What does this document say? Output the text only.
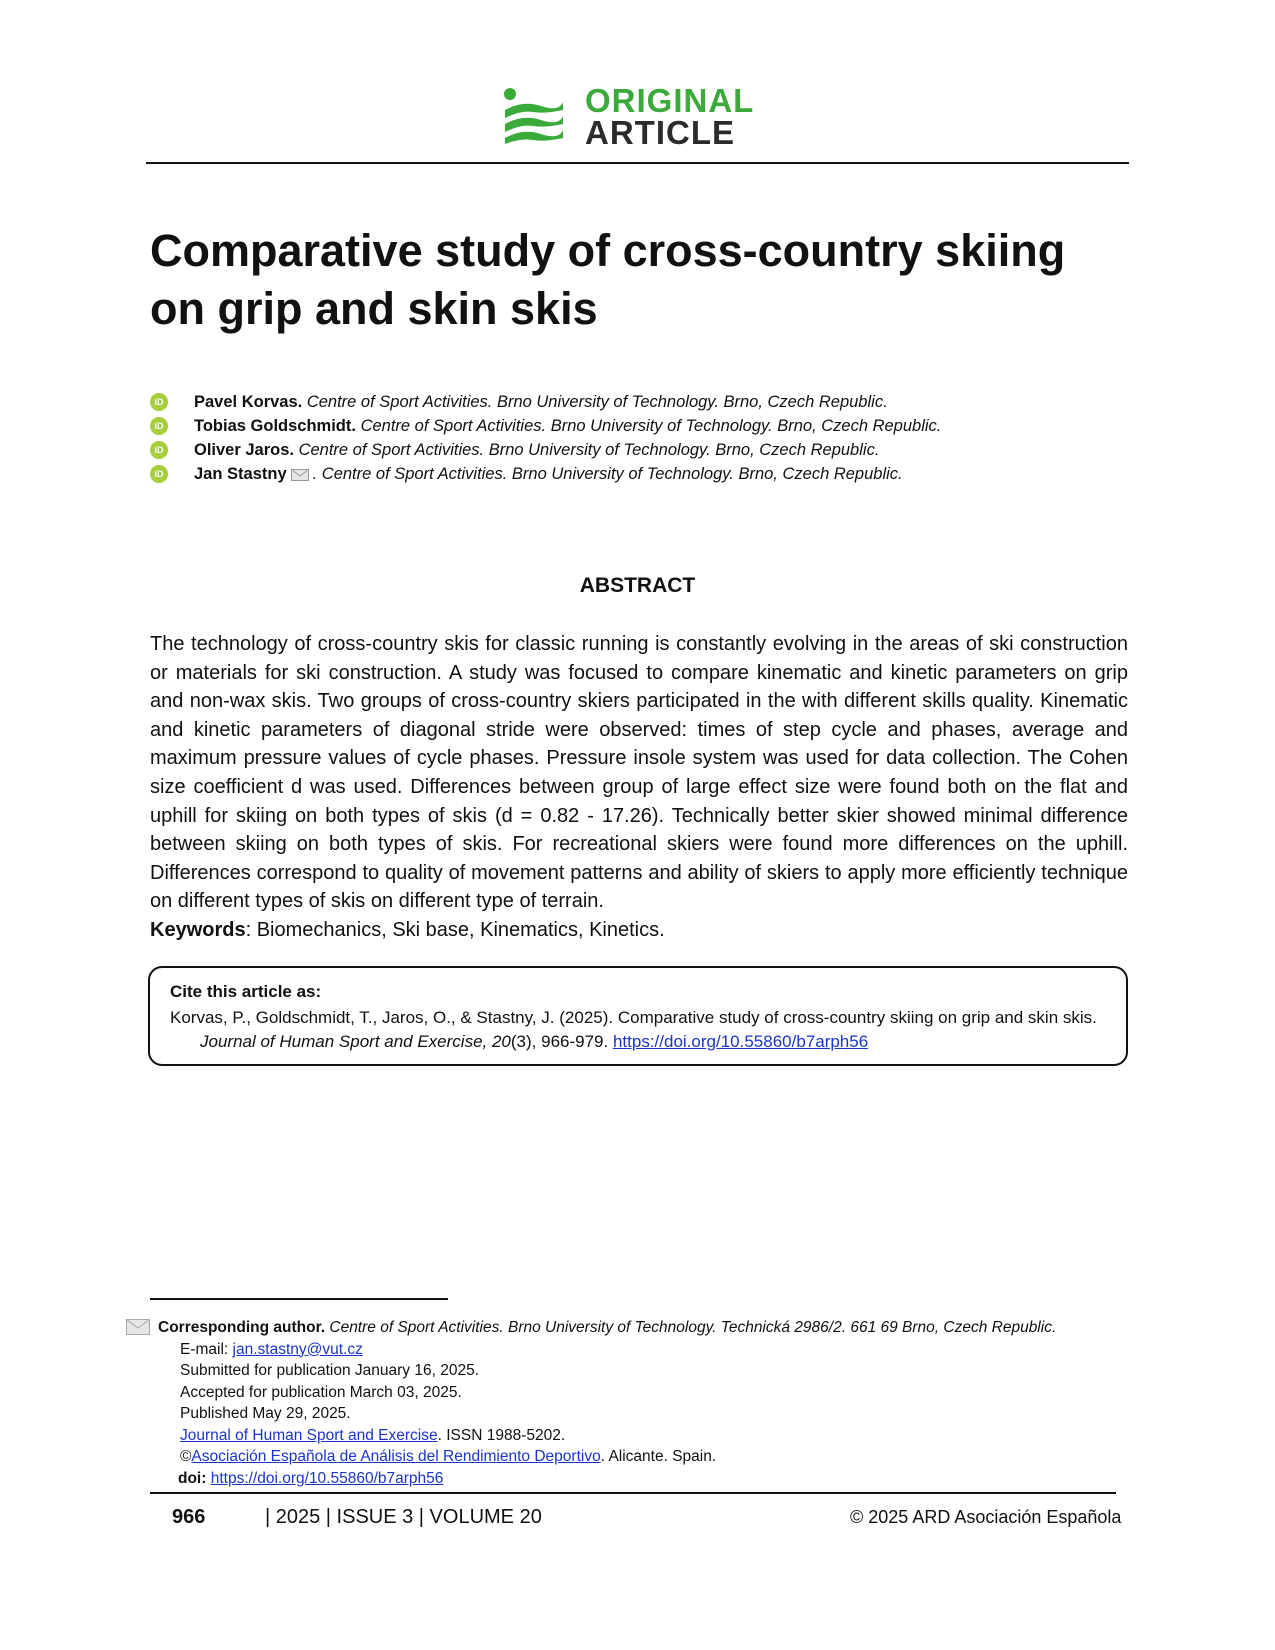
ORIGINAL
ARTICLE
Comparative study of cross-country skiing on grip and skin skis
iD Pavel Korvas. Centre of Sport Activities. Brno University of Technology. Brno, Czech Republic.
iD Tobias Goldschmidt. Centre of Sport Activities. Brno University of Technology. Brno, Czech Republic.
iD Oliver Jaros. Centre of Sport Activities. Brno University of Technology. Brno, Czech Republic.
iD Jan Stastny . Centre of Sport Activities. Brno University of Technology. Brno, Czech Republic.
ABSTRACT
The technology of cross-country skis for classic running is constantly evolving in the areas of ski construction or materials for ski construction. A study was focused to compare kinematic and kinetic parameters on grip and non-wax skis. Two groups of cross-country skiers participated in the with different skills quality. Kinematic and kinetic parameters of diagonal stride were observed: times of step cycle and phases, average and maximum pressure values of cycle phases. Pressure insole system was used for data collection. The Cohen size coefficient d was used. Differences between group of large effect size were found both on the flat and uphill for skiing on both types of skis (d = 0.82 - 17.26). Technically better skier showed minimal difference between skiing on both types of skis. For recreational skiers were found more differences on the uphill. Differences correspond to quality of movement patterns and ability of skiers to apply more efficiently technique on different types of skis on different type of terrain.
Keywords: Biomechanics, Ski base, Kinematics, Kinetics.
Cite this article as:
Korvas, P., Goldschmidt, T., Jaros, O., & Stastny, J. (2025). Comparative study of cross-country skiing on grip and skin skis.
Journal of Human Sport and Exercise, 20(3), 966-979. https://doi.org/10.55860/b7arph56
Corresponding author. Centre of Sport Activities. Brno University of Technology. Technická 2986/2. 661 69 Brno, Czech Republic.
E-mail: jan.stastny@vut.cz
Submitted for publication January 16, 2025.
Accepted for publication March 03, 2025.
Published May 29, 2025.
Journal of Human Sport and Exercise. ISSN 1988-5202.
©Asociación Española de Análisis del Rendimiento Deportivo. Alicante. Spain.
doi: https://doi.org/10.55860/b7arph56
966	| 2025 | ISSUE 3 | VOLUME 20	© 2025 ARD Asociación Española
